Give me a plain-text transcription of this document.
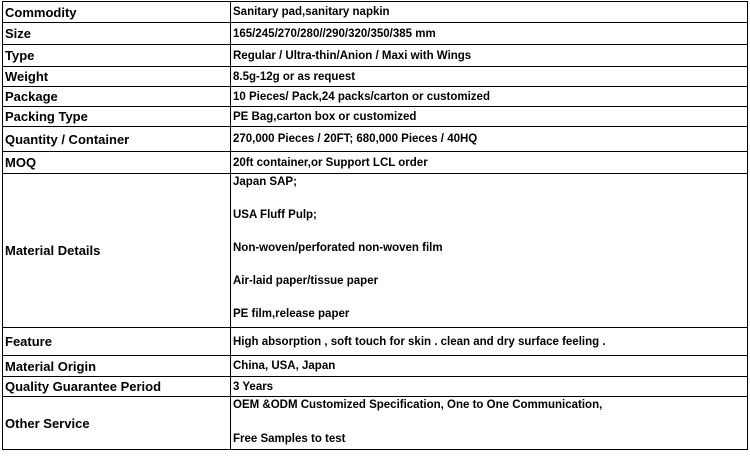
Commodity	Sanitary pad,sanitary napkin
Size	165/245/270/280//290/320/350/385 mm
Type	Regular / Ultra-thin/Anion / Maxi with Wings
Weight	8.5g-12g or as request
Package	10 Pieces/ Pack,24 packs/carton or customized
Packing Type	PE Bag,carton box or customized
Quantity / Container	270,000 Pieces / 20FT; 680,000 Pieces / 40HQ
MOQ	20ft container,or Support LCL order
Material Details	Japan SAP;
USA Fluff Pulp;
Non-woven/perforated non-woven film
Air-laid paper/tissue paper
PE film,release paper

Feature	High absorption , soft touch for skin . clean and dry surface feeling .
Material Origin	China, USA, Japan
Quality Guarantee Period	3 Years
Other Service	OEM &ODM Customized Specification, One to One Communication,
Free Samples to test
